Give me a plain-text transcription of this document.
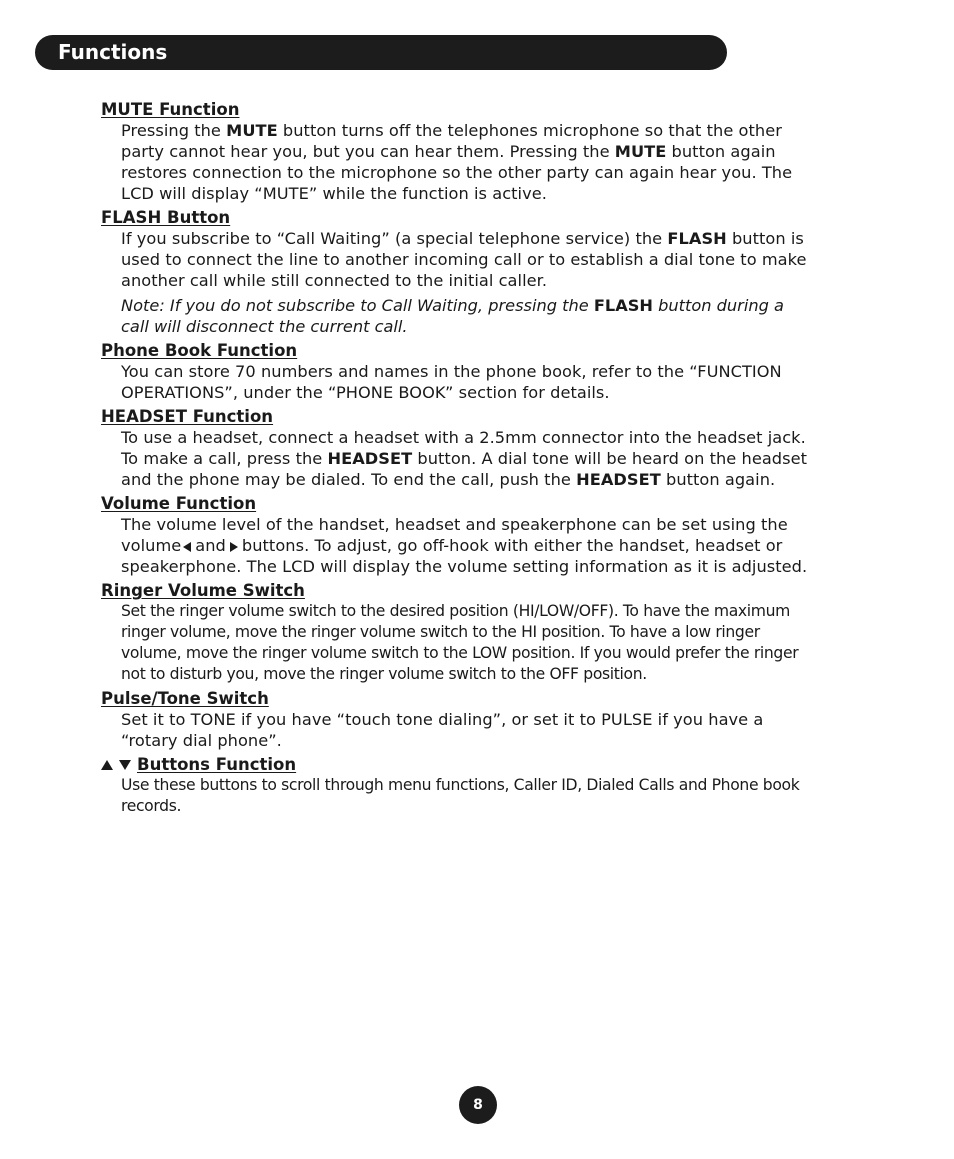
Functions
MUTE Function
Pressing the MUTE button turns off the telephones microphone so that the other party cannot hear you, but you can hear them. Pressing the MUTE button again restores connection to the microphone so the other party can again hear you. The LCD will display “MUTE” while the function is active.
FLASH Button
If you subscribe to “Call Waiting” (a special telephone service) the FLASH button is used to connect the line to another incoming call or to establish a dial tone to make another call while still connected to the initial caller.
Note: If you do not subscribe to Call Waiting, pressing the FLASH button during a call will disconnect the current call.
Phone Book Function
You can store 70 numbers and names in the phone book, refer to the “FUNCTION OPERATIONS”, under the “PHONE BOOK” section for details.
HEADSET Function
To use a headset, connect a headset with a 2.5mm connector into the headset jack. To make a call, press the HEADSET button. A dial tone will be heard on the headset and the phone may be dialed. To end the call, push the HEADSET button again.
Volume Function
The volume level of the handset, headset and speakerphone can be set using the volume and buttons. To adjust, go off-hook with either the handset, headset or speakerphone. The LCD will display the volume setting information as it is adjusted.
Ringer Volume Switch
Set the ringer volume switch to the desired position (HI/LOW/OFF). To have the maximum ringer volume, move the ringer volume switch to the HI position. To have a low ringer volume, move the ringer volume switch to the LOW position. If you would prefer the ringer not to disturb you, move the ringer volume switch to the OFF position.
Pulse/Tone Switch
Set it to TONE if you have “touch tone dialing”, or set it to PULSE if you have a “rotary dial phone”.
Buttons Function
Use these buttons to scroll through menu functions, Caller ID, Dialed Calls and Phone book records.
8
